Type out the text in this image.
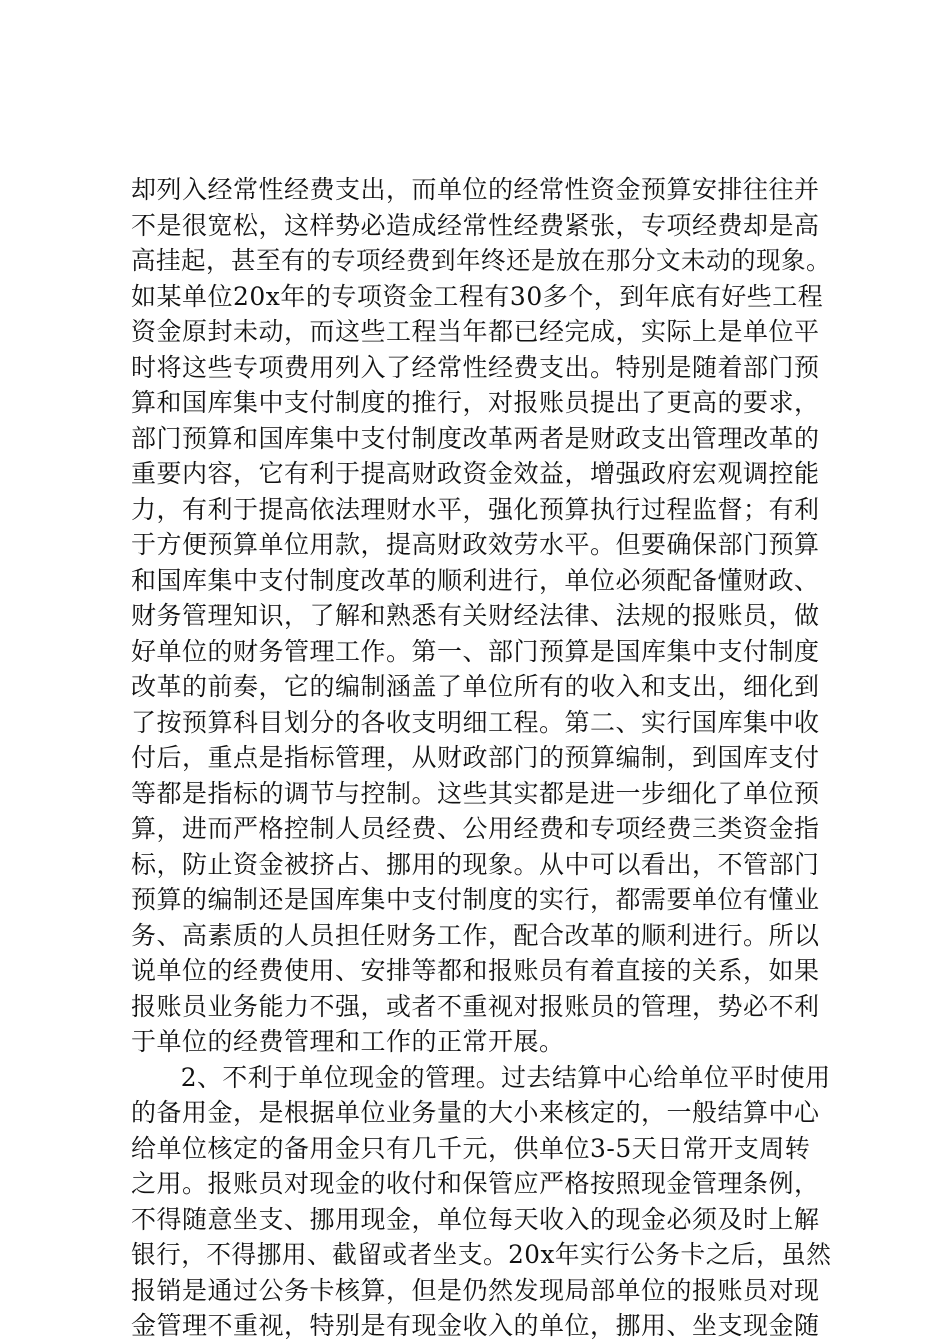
却列入经常性经费支出，而单位的经常性资金预算安排往往并
不是很宽松，这样势必造成经常性经费紧张，专项经费却是高
高挂起，甚至有的专项经费到年终还是放在那分文未动的现象。
如某单位20x年的专项资金工程有30多个，到年底有好些工程
资金原封未动，而这些工程当年都已经完成，实际上是单位平
时将这些专项费用列入了经常性经费支出。特别是随着部门预
算和国库集中支付制度的推行，对报账员提出了更高的要求，
部门预算和国库集中支付制度改革两者是财政支出管理改革的
重要内容，它有利于提高财政资金效益，增强政府宏观调控能
力，有利于提高依法理财水平，强化预算执行过程监督；有利
于方便预算单位用款，提高财政效劳水平。但要确保部门预算
和国库集中支付制度改革的顺利进行，单位必须配备懂财政、
财务管理知识，了解和熟悉有关财经法律、法规的报账员，做
好单位的财务管理工作。第一、部门预算是国库集中支付制度
改革的前奏，它的编制涵盖了单位所有的收入和支出，细化到
了按预算科目划分的各收支明细工程。第二、实行国库集中收
付后，重点是指标管理，从财政部门的预算编制，到国库支付
等都是指标的调节与控制。这些其实都是进一步细化了单位预
算，进而严格控制人员经费、公用经费和专项经费三类资金指
标，防止资金被挤占、挪用的现象。从中可以看出，不管部门
预算的编制还是国库集中支付制度的实行，都需要单位有懂业
务、高素质的人员担任财务工作，配合改革的顺利进行。所以
说单位的经费使用、安排等都和报账员有着直接的关系，如果
报账员业务能力不强，或者不重视对报账员的管理，势必不利
于单位的经费管理和工作的正常开展。
2、不利于单位现金的管理。过去结算中心给单位平时使用
的备用金，是根据单位业务量的大小来核定的，一般结算中心
给单位核定的备用金只有几千元，供单位3-5天日常开支周转
之用。报账员对现金的收付和保管应严格按照现金管理条例，
不得随意坐支、挪用现金，单位每天收入的现金必须及时上解
银行，不得挪用、截留或者坐支。20x年实行公务卡之后，虽然
报销是通过公务卡核算，但是仍然发现局部单位的报账员对现
金管理不重视，特别是有现金收入的单位，挪用、坐支现金随
